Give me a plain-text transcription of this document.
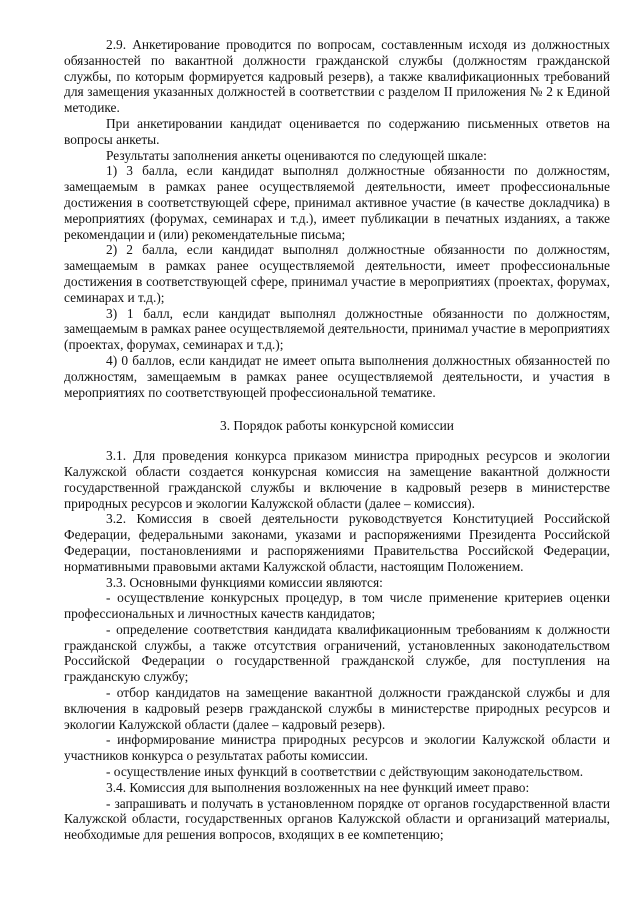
2.9. Анкетирование проводится по вопросам, составленным исходя из должностных обязанностей по вакантной должности гражданской службы (должностям гражданской службы, по которым формируется кадровый резерв), а также квалификационных требований для замещения указанных должностей в соответствии с разделом II приложения № 2 к Единой методике.

При анкетировании кандидат оценивается по содержанию письменных ответов на вопросы анкеты.

Результаты заполнения анкеты оцениваются по следующей шкале:

1) 3 балла, если кандидат выполнял должностные обязанности по должностям, замещаемым в рамках ранее осуществляемой деятельности, имеет профессиональные достижения в соответствующей сфере, принимал активное участие (в качестве докладчика) в мероприятиях (форумах, семинарах и т.д.), имеет публикации в печатных изданиях, а также рекомендации и (или) рекомендательные письма;

2) 2 балла, если кандидат выполнял должностные обязанности по должностям, замещаемым в рамках ранее осуществляемой деятельности, имеет профессиональные достижения в соответствующей сфере, принимал участие в мероприятиях (проектах, форумах, семинарах и т.д.);

3) 1 балл, если кандидат выполнял должностные обязанности по должностям, замещаемым в рамках ранее осуществляемой деятельности, принимал участие в мероприятиях (проектах, форумах, семинарах и т.д.);

4) 0 баллов, если кандидат не имеет опыта выполнения должностных обязанностей по должностям, замещаемым в рамках ранее осуществляемой деятельности, и участия в мероприятиях по соответствующей профессиональной тематике.

3. Порядок работы конкурсной комиссии

3.1. Для проведения конкурса приказом министра природных ресурсов и экологии Калужской области создается конкурсная комиссия на замещение вакантной должности государственной гражданской службы и включение в кадровый резерв в министерстве природных ресурсов и экологии Калужской области (далее – комиссия).

3.2. Комиссия в своей деятельности руководствуется Конституцией Российской Федерации, федеральными законами, указами и распоряжениями Президента Российской Федерации, постановлениями и распоряжениями Правительства Российской Федерации, нормативными правовыми актами Калужской области, настоящим Положением.

3.3. Основными функциями комиссии являются:

- осуществление конкурсных процедур, в том числе применение критериев оценки профессиональных и личностных качеств кандидатов;

- определение соответствия кандидата квалификационным требованиям к должности гражданской службы, а также отсутствия ограничений, установленных законодательством Российской Федерации о государственной гражданской службе, для поступления на гражданскую службу;

- отбор кандидатов на замещение вакантной должности гражданской службы и для включения в кадровый резерв гражданской службы в министерстве природных ресурсов и экологии Калужской области (далее – кадровый резерв).

- информирование министра природных ресурсов и экологии Калужской области и участников конкурса о результатах работы комиссии.

- осуществление иных функций в соответствии с действующим законодательством.

3.4. Комиссия для выполнения возложенных на нее функций имеет право:

- запрашивать и получать в установленном порядке от органов государственной власти Калужской области, государственных органов Калужской области и организаций материалы, необходимые для решения вопросов, входящих в ее компетенцию;
